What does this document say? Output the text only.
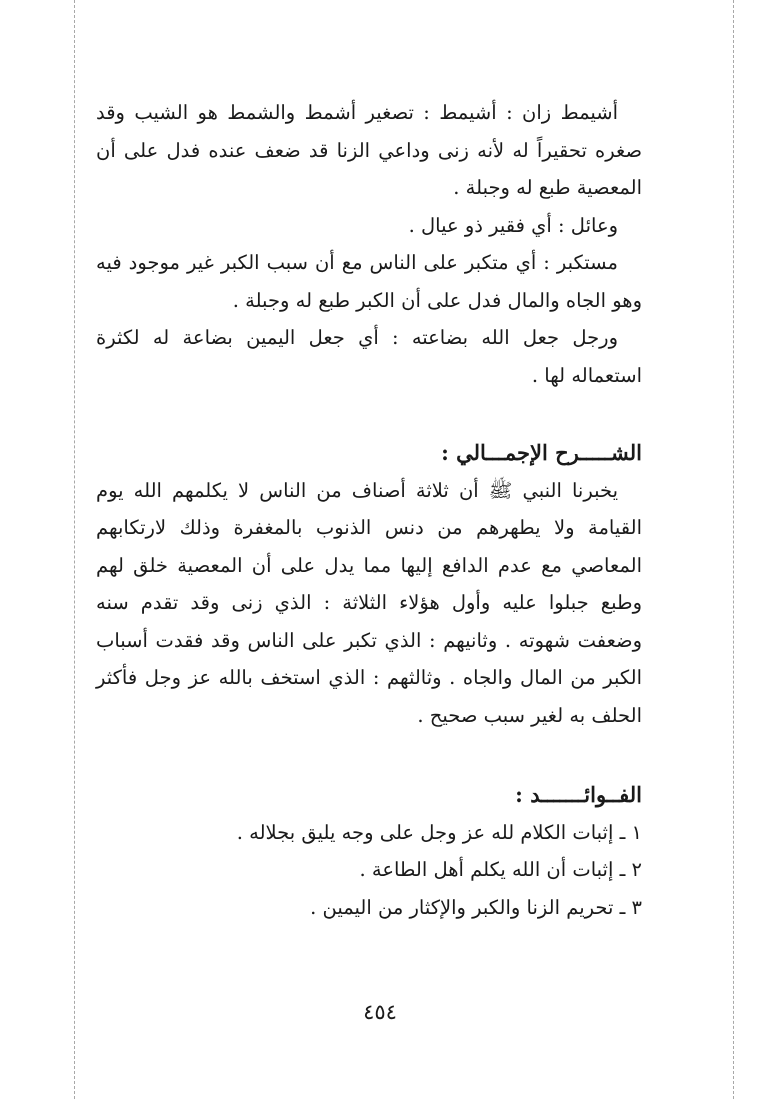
أشيمط زان : أشيمط : تصغير أشمط والشمط هو الشيب وقد صغره تحقيراً له لأنه زنى وداعي الزنا قد ضعف عنده فدل على أن المعصية طبع له وجبلة .

وعائل : أي فقير ذو عيال .

مستكبر : أي متكبر على الناس مع أن سبب الكبر غير موجود فيه وهو الجاه والمال فدل على أن الكبر طبع له وجبلة .

ورجل جعل الله بضاعته : أي جعل اليمين بضاعة له لكثرة استعماله لها .

الشـــــرح الإجمـــالي :

يخبرنا النبي ﷺ أن ثلاثة أصناف من الناس لا يكلمهم الله يوم القيامة ولا يطهرهم من دنس الذنوب بالمغفرة وذلك لارتكابهم المعاصي مع عدم الدافع إليها مما يدل على أن المعصية خلق لهم وطبع جبلوا عليه وأول هؤلاء الثلاثة : الذي زنى وقد تقدم سنه وضعفت شهوته . وثانيهم : الذي تكبر على الناس وقد فقدت أسباب الكبر من المال والجاه . وثالثهم : الذي استخف بالله عز وجل فأكثر الحلف به لغير سبب صحيح .

الفــوائـــــــد :

١ ـ إثبات الكلام لله عز وجل على وجه يليق بجلاله .

٢ ـ إثبات أن الله يكلم أهل الطاعة .

٣ ـ تحريم الزنا والكبر والإكثار من اليمين .

٤٥٤
